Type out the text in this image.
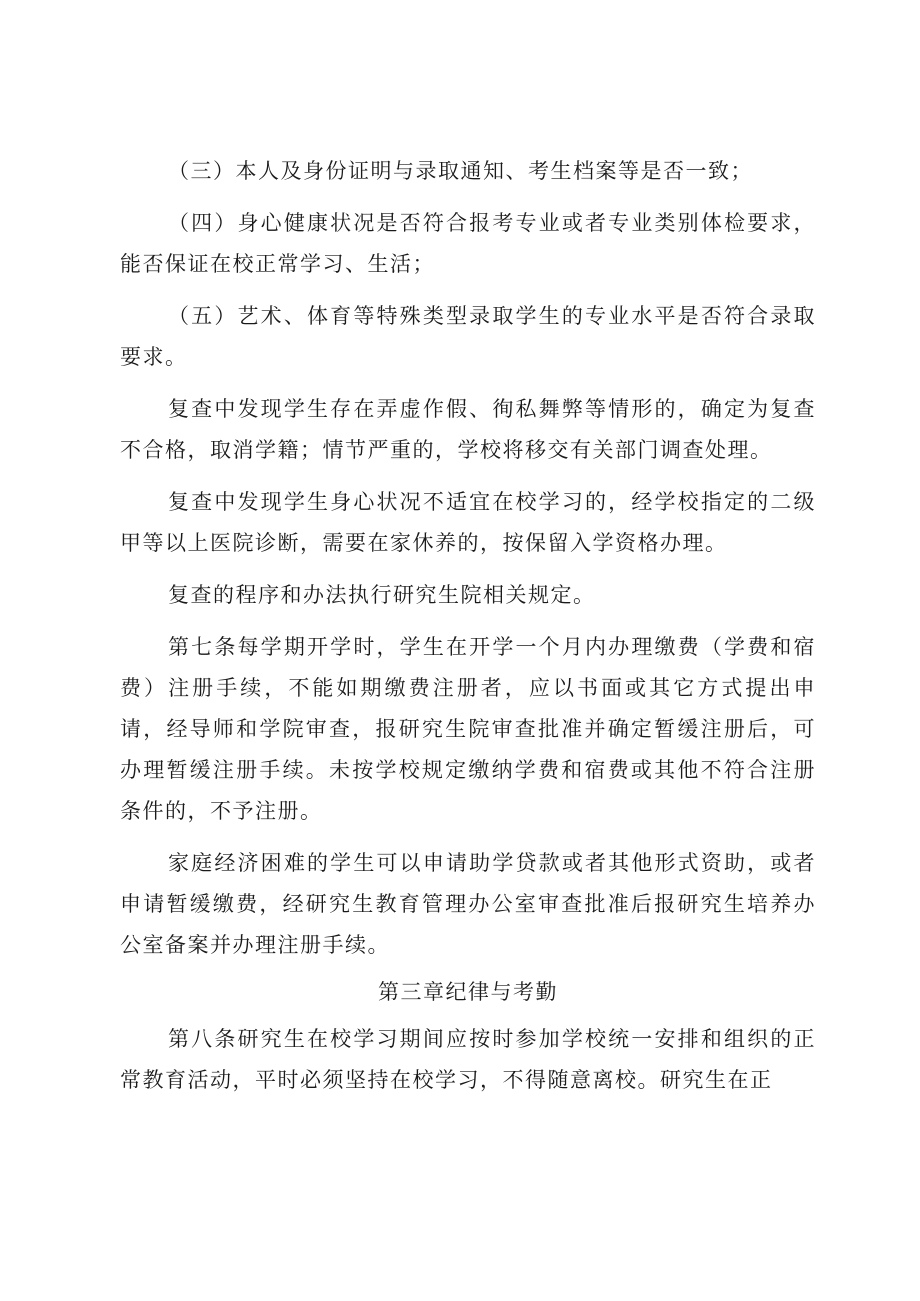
（三）本人及身份证明与录取通知、考生档案等是否一致；

（四）身心健康状况是否符合报考专业或者专业类别体检要求，能否保证在校正常学习、生活；

（五）艺术、体育等特殊类型录取学生的专业水平是否符合录取要求。

复查中发现学生存在弄虚作假、徇私舞弊等情形的，确定为复查不合格，取消学籍；情节严重的，学校将移交有关部门调查处理。

复查中发现学生身心状况不适宜在校学习的，经学校指定的二级甲等以上医院诊断，需要在家休养的，按保留入学资格办理。

复查的程序和办法执行研究生院相关规定。

第七条每学期开学时，学生在开学一个月内办理缴费（学费和宿费）注册手续，不能如期缴费注册者，应以书面或其它方式提出申请，经导师和学院审查，报研究生院审查批准并确定暂缓注册后，可办理暂缓注册手续。未按学校规定缴纳学费和宿费或其他不符合注册条件的，不予注册。

家庭经济困难的学生可以申请助学贷款或者其他形式资助，或者申请暂缓缴费，经研究生教育管理办公室审查批准后报研究生培养办公室备案并办理注册手续。

第三章纪律与考勤

第八条研究生在校学习期间应按时参加学校统一安排和组织的正常教育活动，平时必须坚持在校学习，不得随意离校。研究生在正
